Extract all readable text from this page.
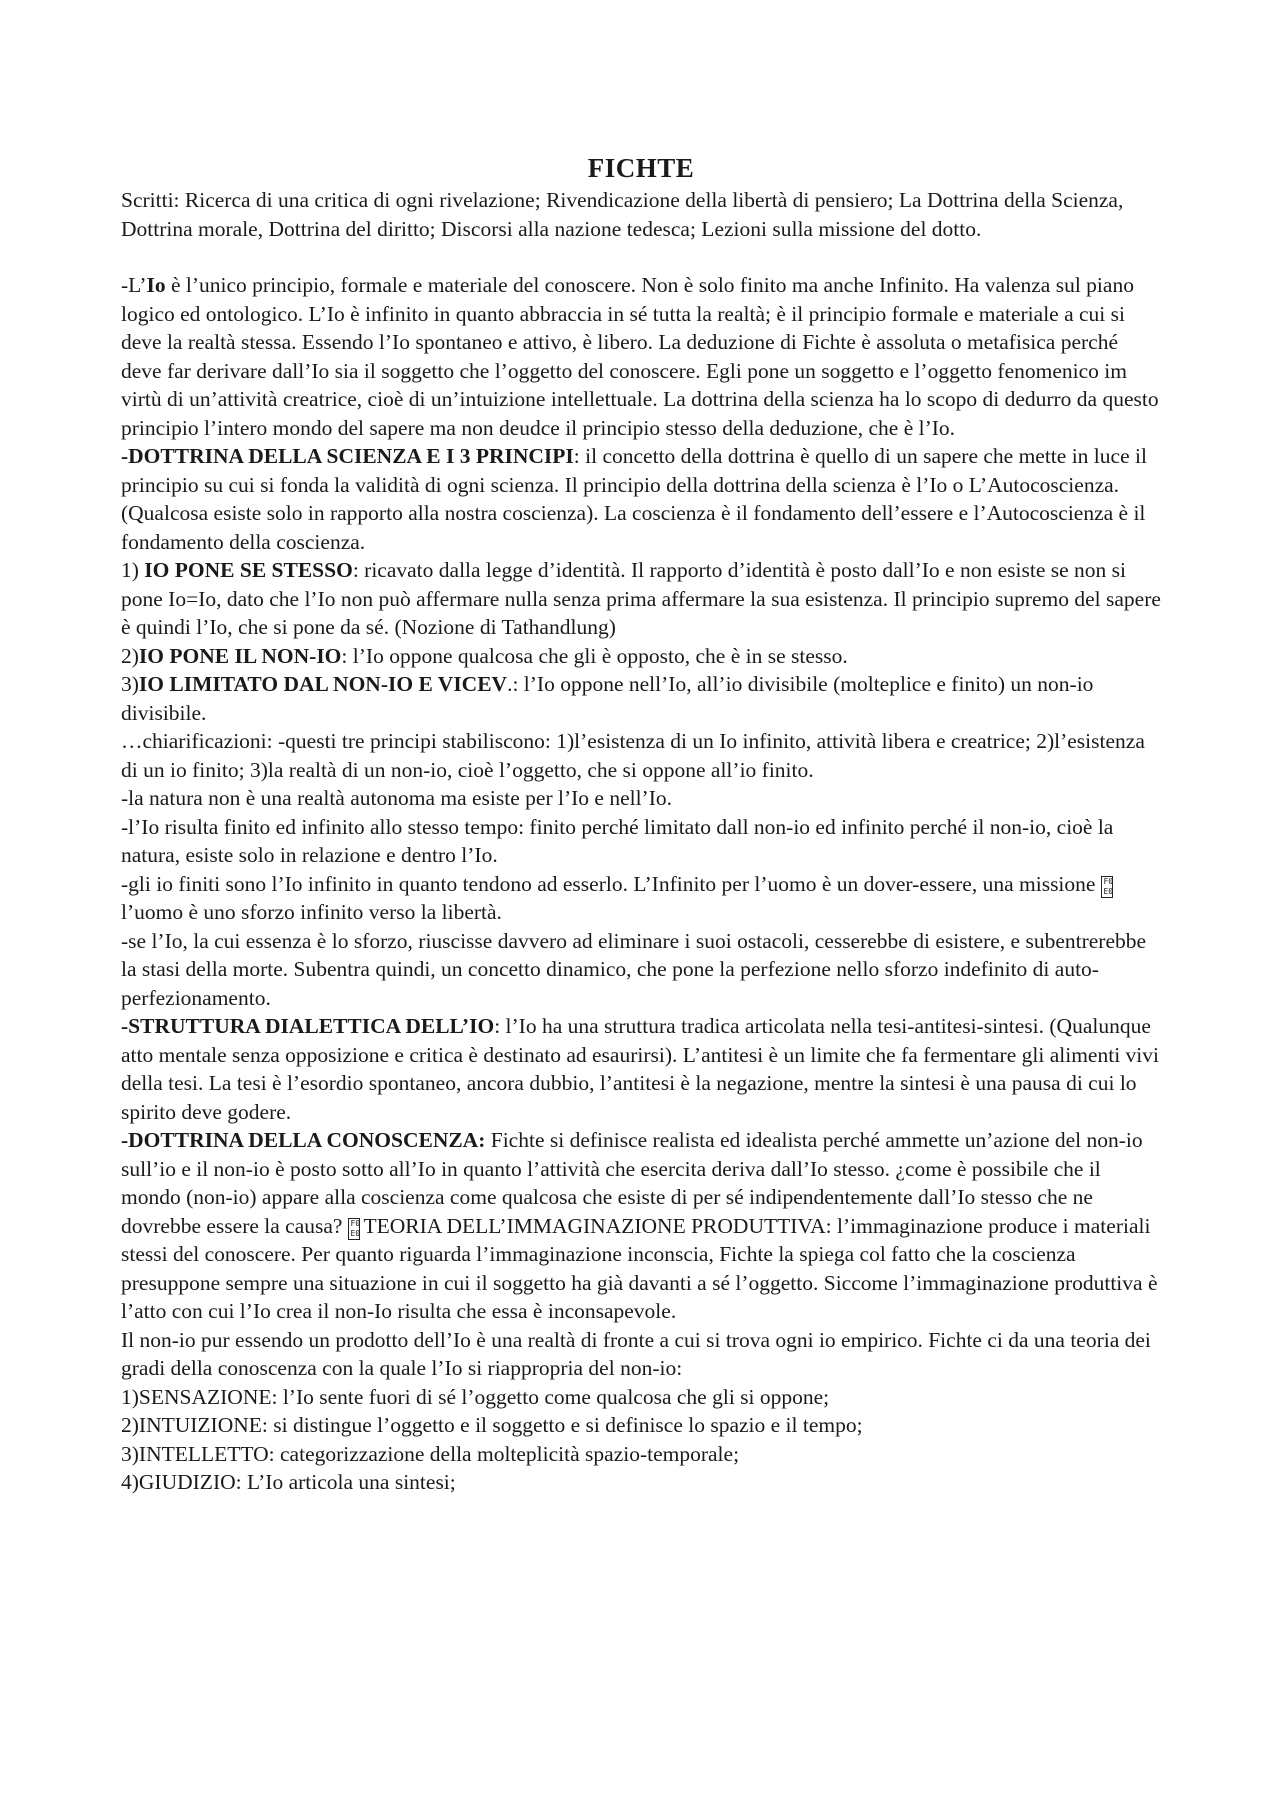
FICHTE

Scritti: Ricerca di una critica di ogni rivelazione; Rivendicazione della libertà di pensiero; La Dottrina della Scienza, Dottrina morale, Dottrina del diritto; Discorsi alla nazione tedesca; Lezioni sulla missione del dotto.

-L’Io è l’unico principio, formale e materiale del conoscere. Non è solo finito ma anche Infinito. Ha valenza sul piano logico ed ontologico. L’Io è infinito in quanto abbraccia in sé tutta la realtà; è il principio formale e materiale a cui si deve la realtà stessa. Essendo l’Io spontaneo e attivo, è libero. La deduzione di Fichte è assoluta o metafisica perché deve far derivare dall’Io sia il soggetto che l’oggetto del conoscere. Egli pone un soggetto e l’oggetto fenomenico im virtù di un’attività creatrice, cioè di un’intuizione intellettuale. La dottrina della scienza ha lo scopo di dedurro da questo principio l’intero mondo del sapere ma non deudce il principio stesso della deduzione, che è l’Io.

-DOTTRINA DELLA SCIENZA E I 3 PRINCIPI: il concetto della dottrina è quello di un sapere che mette in luce il principio su cui si fonda la validità di ogni scienza. Il principio della dottrina della scienza è l’Io o L’Autocoscienza. (Qualcosa esiste solo in rapporto alla nostra coscienza). La coscienza è il fondamento dell’essere e l’Autocoscienza è il fondamento della coscienza.

1) IO PONE SE STESSO: ricavato dalla legge d’identità. Il rapporto d’identità è posto dall’Io e non esiste se non si pone Io=Io, dato che l’Io non può affermare nulla senza prima affermare la sua esistenza. Il principio supremo del sapere è quindi l’Io, che si pone da sé. (Nozione di Tathandlung)

2)IO PONE IL NON-IO: l’Io oppone qualcosa che gli è opposto, che è in se stesso.

3)IO LIMITATO DAL NON-IO E VICEV.: l’Io oppone nell’Io, all’io divisibile (molteplice e finito) un non-io divisibile.

…chiarificazioni: -questi tre principi stabiliscono: 1)l’esistenza di un Io infinito, attività libera e creatrice; 2)l’esistenza di un io finito; 3)la realtà di un non-io, cioè l’oggetto, che si oppone all’io finito.

-la natura non è una realtà autonoma ma esiste per l’Io e nell’Io.

-l’Io risulta finito ed infinito allo stesso tempo: finito perché limitato dall non-io ed infinito perché il non-io, cioè la natura, esiste solo in relazione e dentro l’Io.

-gli io finiti sono l’Io infinito in quanto tendono ad esserlo. L’Infinito per l’uomo è un dover-essere, una missione F0 E0l’uomo è uno sforzo infinito verso la libertà.

-se l’Io, la cui essenza è lo sforzo, riuscisse davvero ad eliminare i suoi ostacoli, cesserebbe di esistere, e subentrerebbe la stasi della morte. Subentra quindi, un concetto dinamico, che pone la perfezione nello sforzo indefinito di auto-perfezionamento.

-STRUTTURA DIALETTICA DELL’IO: l’Io ha una struttura tradica articolata nella tesi-antitesi-sintesi. (Qualunque atto mentale senza opposizione e critica è destinato ad esaurirsi). L’antitesi è un limite che fa fermentare gli alimenti vivi della tesi. La tesi è l’esordio spontaneo, ancora dubbio, l’antitesi è la negazione, mentre la sintesi è una pausa di cui lo spirito deve godere.

-DOTTRINA DELLA CONOSCENZA: Fichte si definisce realista ed idealista perché ammette un’azione del non-io sull’io e il non-io è posto sotto all’Io in quanto l’attività che esercita deriva dall’Io stesso. ¿come è possibile che il mondo (non-io) appare alla coscienza come qualcosa che esiste di per sé indipendentemente dall’Io stesso che ne dovrebbe essere la causa? F0 E0 TEORIA DELL’IMMAGINAZIONE PRODUTTIVA: l’immaginazione produce i materiali stessi del conoscere. Per quanto riguarda l’immaginazione inconscia, Fichte la spiega col fatto che la coscienza presuppone sempre una situazione in cui il soggetto ha già davanti a sé l’oggetto. Siccome l’immaginazione produttiva è l’atto con cui l’Io crea il non-Io risulta che essa è inconsapevole.

Il non-io pur essendo un prodotto dell’Io è una realtà di fronte a cui si trova ogni io empirico. Fichte ci da una teoria dei gradi della conoscenza con la quale l’Io si riappropria del non-io:

1)SENSAZIONE: l’Io sente fuori di sé l’oggetto come qualcosa che gli si oppone;

2)INTUIZIONE: si distingue l’oggetto e il soggetto e si definisce lo spazio e il tempo;

3)INTELLETTO: categorizzazione della molteplicità spazio-temporale;

4)GIUDIZIO: L’Io articola una sintesi;
